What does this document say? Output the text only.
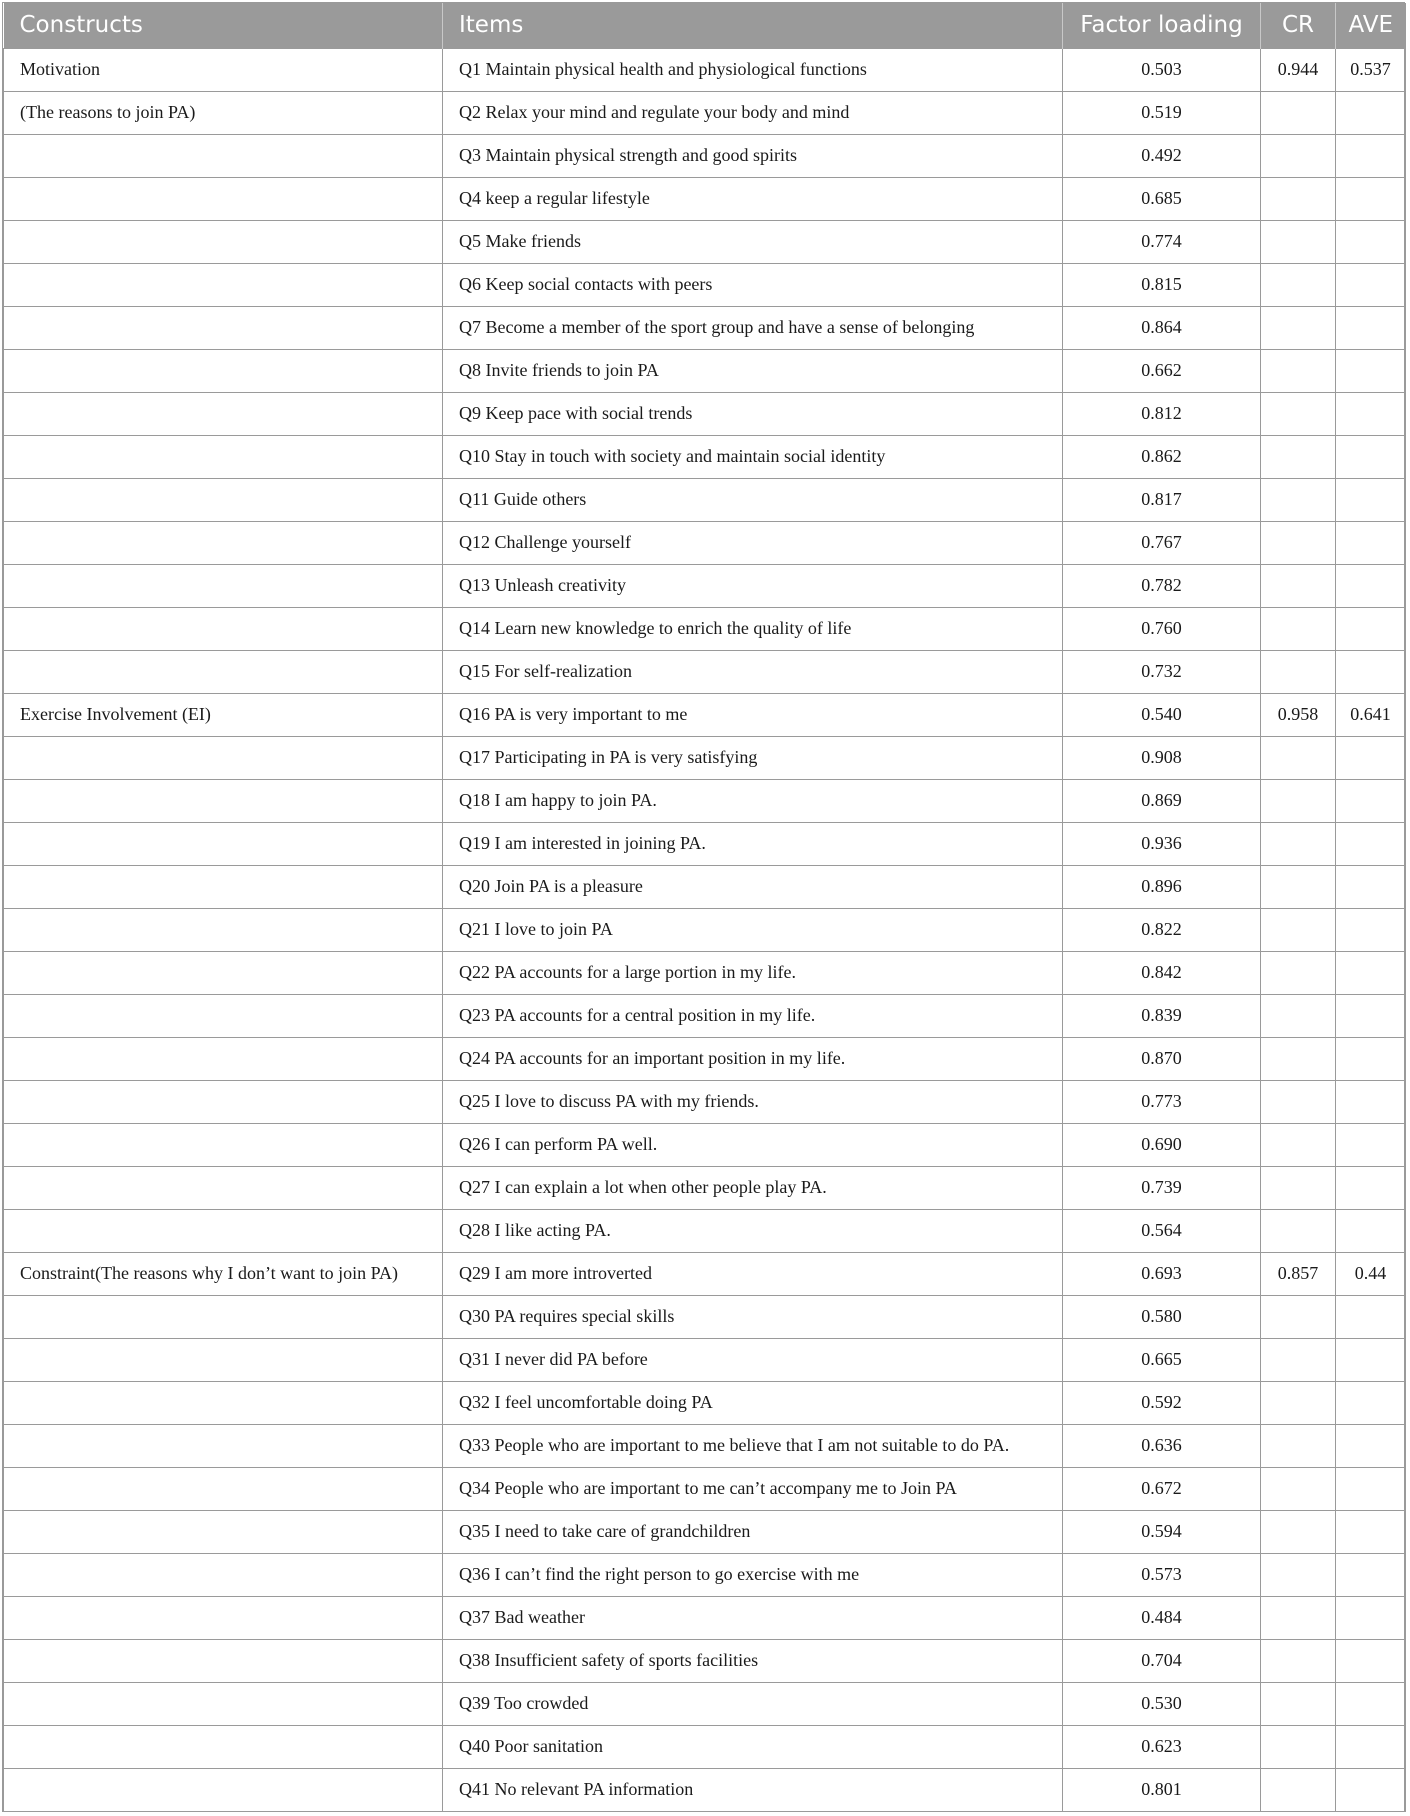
Constructs	Items	Factor loading	CR	AVE
Motivation	Q1 Maintain physical health and physiological functions	0.503	0.944	0.537
(The reasons to join PA)	Q2 Relax your mind and regulate your body and mind	0.519		
	Q3 Maintain physical strength and good spirits	0.492		
	Q4 keep a regular lifestyle	0.685		
	Q5 Make friends	0.774		
	Q6 Keep social contacts with peers	0.815		
	Q7 Become a member of the sport group and have a sense of belonging	0.864		
	Q8 Invite friends to join PA	0.662		
	Q9 Keep pace with social trends	0.812		
	Q10 Stay in touch with society and maintain social identity	0.862		
	Q11 Guide others	0.817		
	Q12 Challenge yourself	0.767		
	Q13 Unleash creativity	0.782		
	Q14 Learn new knowledge to enrich the quality of life	0.760		
	Q15 For self-realization	0.732		
Exercise Involvement (EI)	Q16 PA is very important to me	0.540	0.958	0.641
	Q17 Participating in PA is very satisfying	0.908		
	Q18 I am happy to join PA.	0.869		
	Q19 I am interested in joining PA.	0.936		
	Q20 Join PA is a pleasure	0.896		
	Q21 I love to join PA	0.822		
	Q22 PA accounts for a large portion in my life.	0.842		
	Q23 PA accounts for a central position in my life.	0.839		
	Q24 PA accounts for an important position in my life.	0.870		
	Q25 I love to discuss PA with my friends.	0.773		
	Q26 I can perform PA well.	0.690		
	Q27 I can explain a lot when other people play PA.	0.739		
	Q28 I like acting PA.	0.564		
Constraint(The reasons why I don’t want to join PA)	Q29 I am more introverted	0.693	0.857	0.44
	Q30 PA requires special skills	0.580		
	Q31 I never did PA before	0.665		
	Q32 I feel uncomfortable doing PA	0.592		
	Q33 People who are important to me believe that I am not suitable to do PA.	0.636		
	Q34 People who are important to me can’t accompany me to Join PA	0.672		
	Q35 I need to take care of grandchildren	0.594		
	Q36 I can’t find the right person to go exercise with me	0.573		
	Q37 Bad weather	0.484		
	Q38 Insufficient safety of sports facilities	0.704		
	Q39 Too crowded	0.530		
	Q40 Poor sanitation	0.623		
	Q41 No relevant PA information	0.801		
